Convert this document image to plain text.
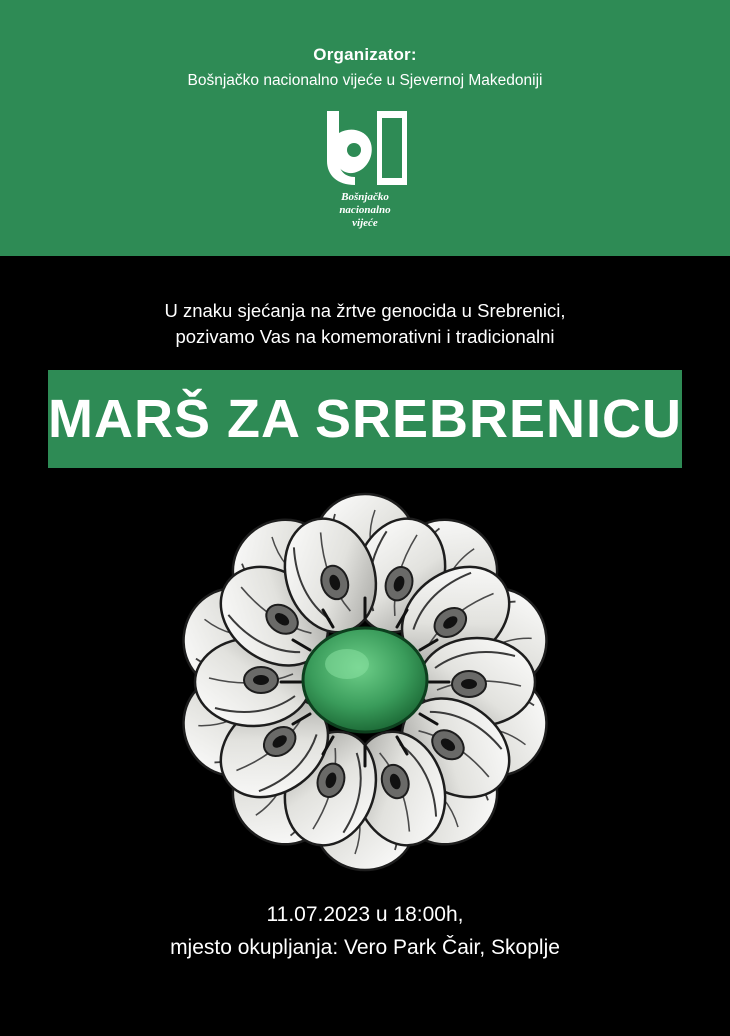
Organizator:
Bošnjačko nacionalno vijeće u Sjevernoj Makedoniji
Bošnjačko
nacionalno
vijeće
U znaku sjećanja na žrtve genocida u Srebrenici,
pozivamo Vas na komemorativni i tradicionalni
MARŠ ZA SREBRENICU
11.07.2023 u 18:00h,
mjesto okupljanja: Vero Park Čair, Skoplje
